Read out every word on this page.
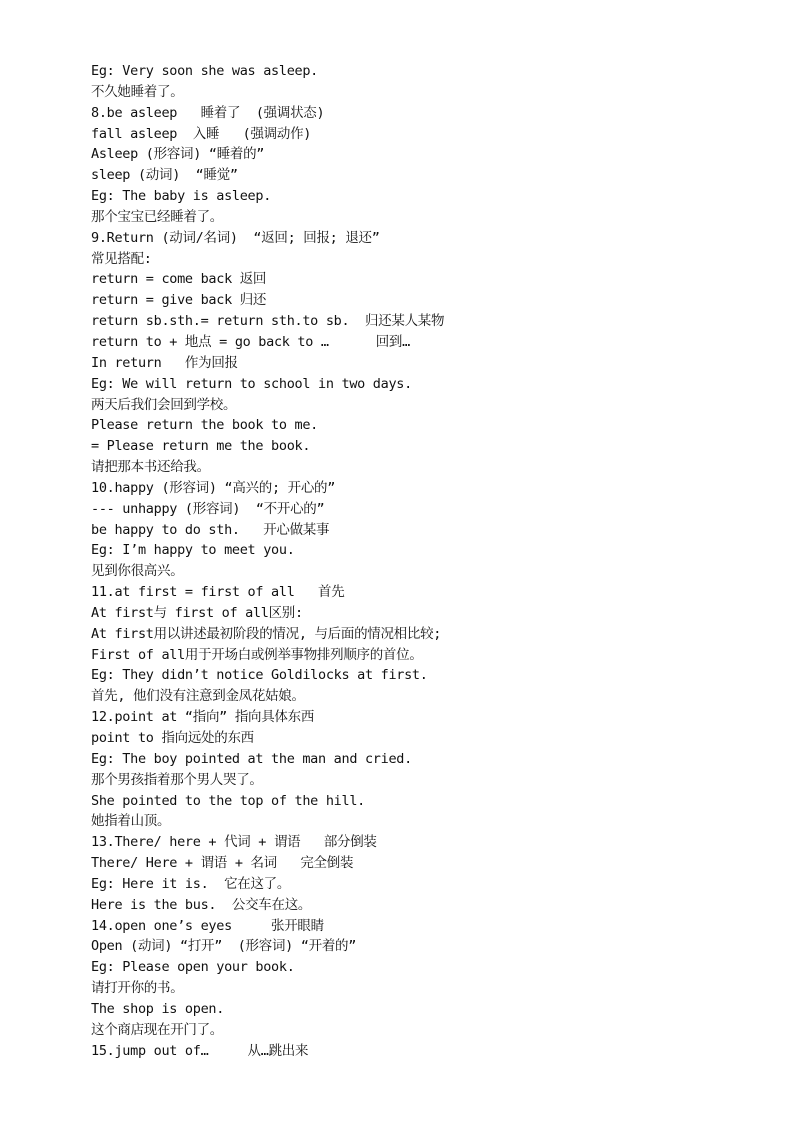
Eg: Very soon she was asleep.
不久她睡着了。
8.be asleep   睡着了  (强调状态)
fall asleep  入睡   (强调动作)
Asleep (形容词) “睡着的”
sleep (动词)  “睡觉”
Eg: The baby is asleep.
那个宝宝已经睡着了。
9.Return (动词/名词)  “返回; 回报; 退还”
常见搭配:
return = come back 返回
return = give back 归还
return sb.sth.= return sth.to sb.  归还某人某物
return to + 地点 = go back to …      回到…
In return   作为回报
Eg: We will return to school in two days.
两天后我们会回到学校。
Please return the book to me.
= Please return me the book.
请把那本书还给我。
10.happy (形容词) “高兴的; 开心的”
--- unhappy (形容词)  “不开心的”
be happy to do sth.   开心做某事
Eg: I’m happy to meet you.
见到你很高兴。
11.at first = first of all   首先
At first与 first of all区别:
At first用以讲述最初阶段的情况, 与后面的情况相比较;
First of all用于开场白或例举事物排列顺序的首位。
Eg: They didn’t notice Goldilocks at first.
首先, 他们没有注意到金凤花姑娘。
12.point at “指向” 指向具体东西
point to 指向远处的东西
Eg: The boy pointed at the man and cried.
那个男孩指着那个男人哭了。
She pointed to the top of the hill.
她指着山顶。
13.There/ here + 代词 + 谓语   部分倒装
There/ Here + 谓语 + 名词   完全倒装
Eg: Here it is.  它在这了。
Here is the bus.  公交车在这。
14.open one’s eyes     张开眼睛
Open (动词) “打开”  (形容词) “开着的”
Eg: Please open your book.
请打开你的书。
The shop is open.
这个商店现在开门了。
15.jump out of…     从…跳出来
